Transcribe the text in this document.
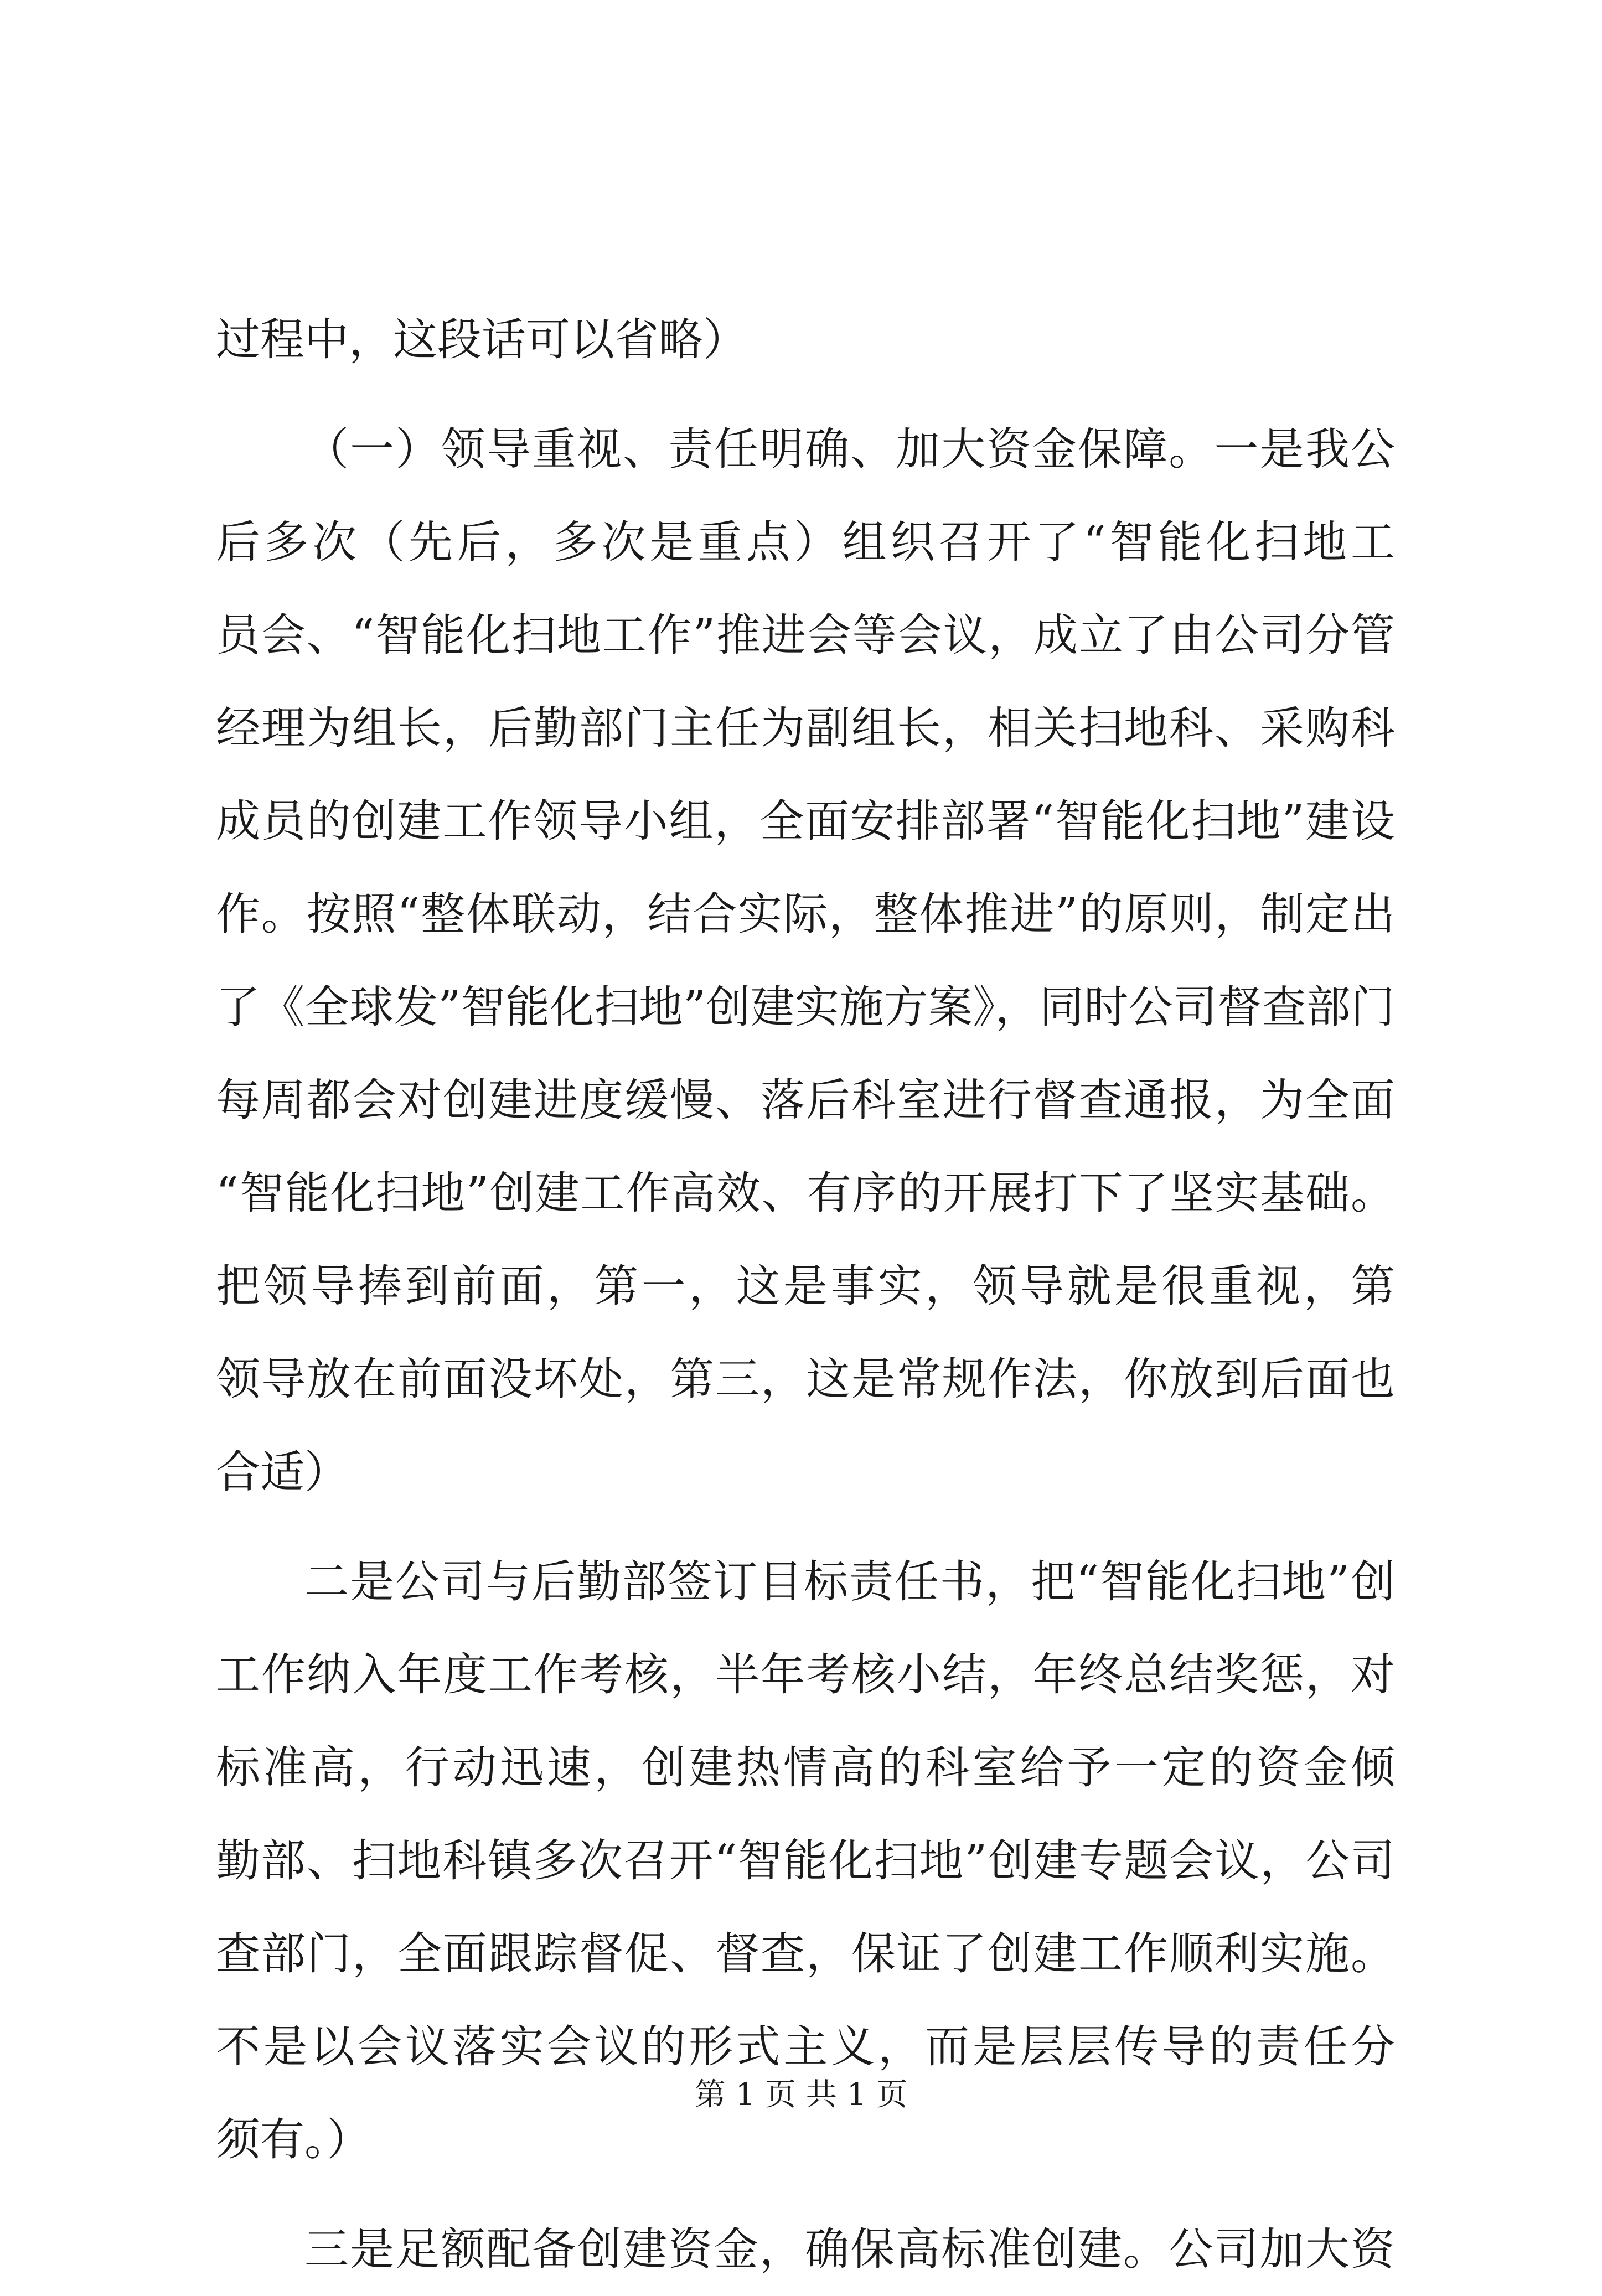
过程中，这段话可以省略）
（一）领导重视、责任明确、加大资金保障。一是我公
后多次（先后，多次是重点）组织召开了“智能化扫地工
员会、“智能化扫地工作”推进会等会议，成立了由公司分管
经理为组长，后勤部门主任为副组长，相关扫地科、采购科
成员的创建工作领导小组，全面安排部署“智能化扫地”建设
作。按照“整体联动，结合实际，整体推进”的原则，制定出
了《全球发”智能化扫地”创建实施方案》，同时公司督查部门
每周都会对创建进度缓慢、落后科室进行督查通报，为全面
“智能化扫地”创建工作高效、有序的开展打下了坚实基础。
把领导捧到前面，第一，这是事实，领导就是很重视，第
领导放在前面没坏处，第三，这是常规作法，你放到后面也
合适）
二是公司与后勤部签订目标责任书，把“智能化扫地”创
工作纳入年度工作考核，半年考核小结，年终总结奖惩，对
标准高，行动迅速，创建热情高的科室给予一定的资金倾
勤部、扫地科镇多次召开“智能化扫地”创建专题会议，公司
查部门，全面跟踪督促、督查，保证了创建工作顺利实施。
不是以会议落实会议的形式主义，而是层层传导的责任分
须有。）
三是足额配备创建资金，确保高标准创建。公司加大资
第 1 页 共 1 页
